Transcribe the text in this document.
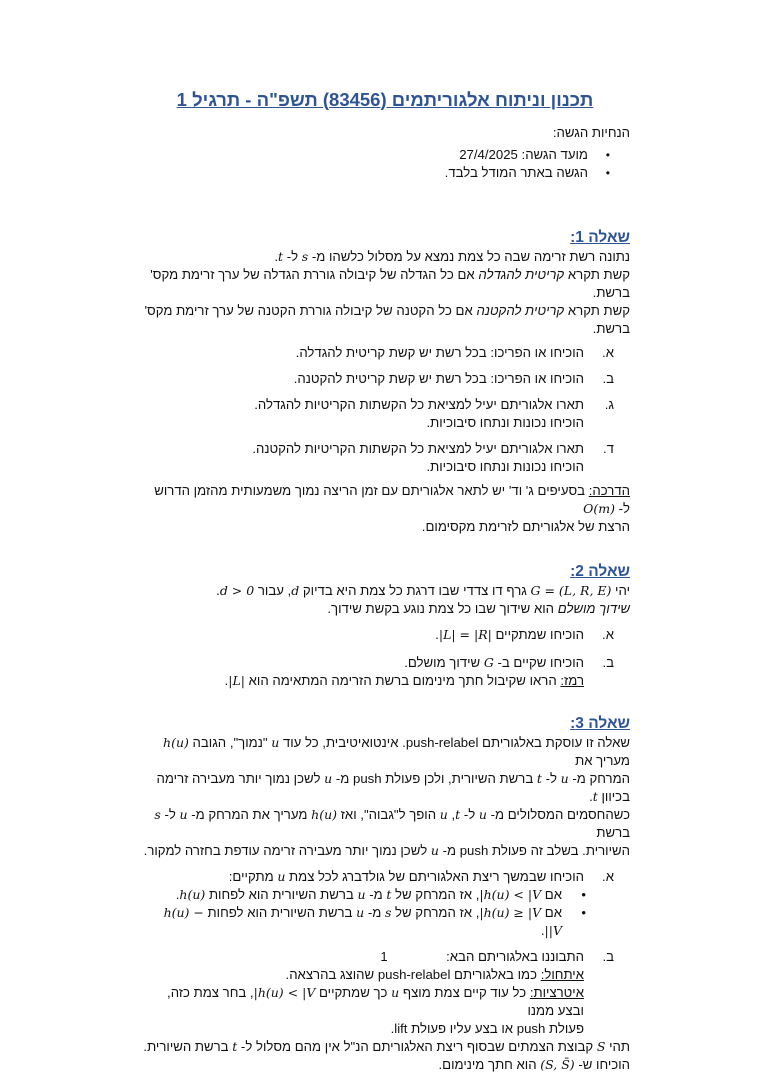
תכנון וניתוח אלגוריתמים (83456) תשפ"ה - תרגיל 1

הנחיות הגשה:

• מועד הגשה: 27/4/2025
• הגשה באתר המודל בלבד.

שאלה 1:

נתונה רשת זרימה שבה כל צמת נמצא על מסלול כלשהו מ- s ל- t.

קשת תקרא קריטית להגדלה אם כל הגדלה של קיבולה גוררת הגדלה של ערך זרימת מקס' ברשת.

קשת תקרא קריטית להקטנה אם כל הקטנה של קיבולה גוררת הקטנה של ערך זרימת מקס' ברשת.

א.
הוכיחו או הפריכו: בכל רשת יש קשת קריטית להגדלה.
ב.
הוכיחו או הפריכו: בכל רשת יש קשת קריטית להקטנה.
ג.
תארו אלגוריתם יעיל למציאת כל הקשתות הקריטיות להגדלה.
הוכיחו נכונות ונתחו סיבוכיות.
ד.
תארו אלגוריתם יעיל למציאת כל הקשתות הקריטיות להקטנה.
הוכיחו נכונות ונתחו סיבוכיות.

הדרכה: בסעיפים ג' וד' יש לתאר אלגוריתם עם זמן הריצה נמוך משמעותית מהזמן הדרוש ל- O(m)

הרצת של אלגוריתם לזרימת מקסימום.

שאלה 2:

יהי G = (L, R, E) גרף דו צדדי שבו דרגת כל צמת היא בדיוק d, עבור d > 0.

שידוך מושלם הוא שידוך שבו כל צמת נוגע בקשת שידוך.

א.
הוכיחו שמתקיים |L| = |R|.
ב.
הוכיחו שקיים ב- G שידוך מושלם.
רמז: הראו שקיבול חתך מינימום ברשת הזרימה המתאימה הוא |L|.

שאלה 3:

שאלה זו עוסקת באלגוריתם push-relabel. אינטואיטיבית, כל עוד u "נמוך", הגובה h(u) מעריך את

המרחק מ- u ל- t ברשת השיורית, ולכן פעולת push מ- u לשכן נמוך יותר מעבירה זרימה בכיוון t.

כשהחסמים המסלולים מ- u ל- t, u הופך ל"גבוה", ואז h(u) מעריך את המרחק מ- u ל- s ברשת

השיורית. בשלב זה פעולת push מ- u לשכן נמוך יותר מעבירה זרימה עודפת בחזרה למקור.

א.
הוכיחו שבמשך ריצת האלגוריתם של גולדברג לכל צמת u מתקיים:
• אם h(u) < |V|, אז המרחק של t מ- u ברשת השיורית הוא לפחות h(u).
• אם h(u) ≥ |V|, אז המרחק של s מ- u ברשת השיורית הוא לפחות h(u) − |V|.
ב.
התבוננו באלגוריתם הבא:
איתחול: כמו באלגוריתם push-relabel שהוצג בהרצאה.
איטרציות: כל עוד קיים צמת מוצף u כך שמתקיים h(u) < |V|, בחר צמת כזה, ובצע ממנו
פעולת push או בצע עליו פעולת lift.

תהי S קבוצת הצמתים שבסוף ריצת האלגוריתם הנ"ל אין מהם מסלול ל- t ברשת השיורית.

הוכיחו ש- (S, S̄) הוא חתך מינימום.

1
